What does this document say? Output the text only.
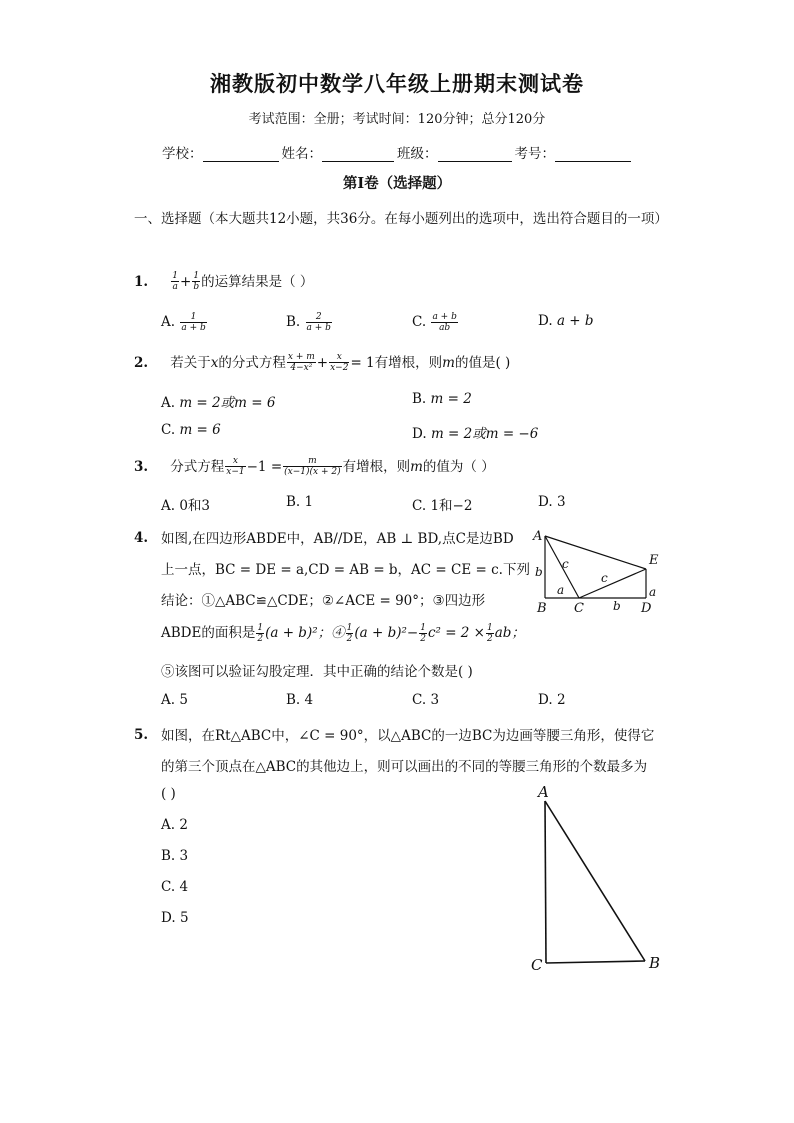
湘教版初中数学八年级上册期末测试卷
考试范围：全册；考试时间：120分钟；总分120分
学校：	姓名：	班级：	考号：
第I卷（选择题）
一、选择题（本大题共12小题，共36分。在每小题列出的选项中，选出符合题目的一项）
1.	$\frac{1}{a} + \frac{1}{b}$ 的运算结果是（ ）
A. $\frac{1}{a + b}$	B. $\frac{2}{a + b}$	C. $\frac{a + b}{ab}$	D. a + b
2. 若关于x的分式方程 $\frac{x + m}{\text{4−x²}} + \frac{x}{x-2} = 1$有增根，则m的值是( )
A. m = 2或m = 6	B. m = 2
C. m = 6	D. m = 2或m = −6
3. 分式方程 $\frac{x}{x-1} -1 = \frac{m}{(x-1)(x + 2)}$ 有增根，则m的值为（ ）
A. 0和3	B. 1	C. 1和−2	D. 3
4. 如图,在四边形ABDE中，AB//DE，AB ⊥ BD,点C是边BD
上一点，BC = DE = a,CD = AB = b，AC = CE = c.下列
结论：①△ABC≌△CDE；②∠ACE = 90°；③四边形
ABDE的面积是 $\frac{1}{2} (a + b)^2$；④ $\frac{1}{2} (a + b)^2- \frac{1}{2} c^2 = 2 \times \frac{1}{2}$ ab；
⑤该图可以验证勾股定理．其中正确的结论个数是( )
A
B C	D
E
b
a
b
a
c
c
A. 5	B. 4	C. 3	D. 2
5. 如图，在Rt△ABC中，∠C = 90°，以△ABC的一边BC为边画等腰三角形，使得它
的第三个顶点在△ABC的其他边上，则可以画出的不同的等腰三角形的个数最多为
( )
A. 2
B. 3
C. 4
D. 5
A
C	B
